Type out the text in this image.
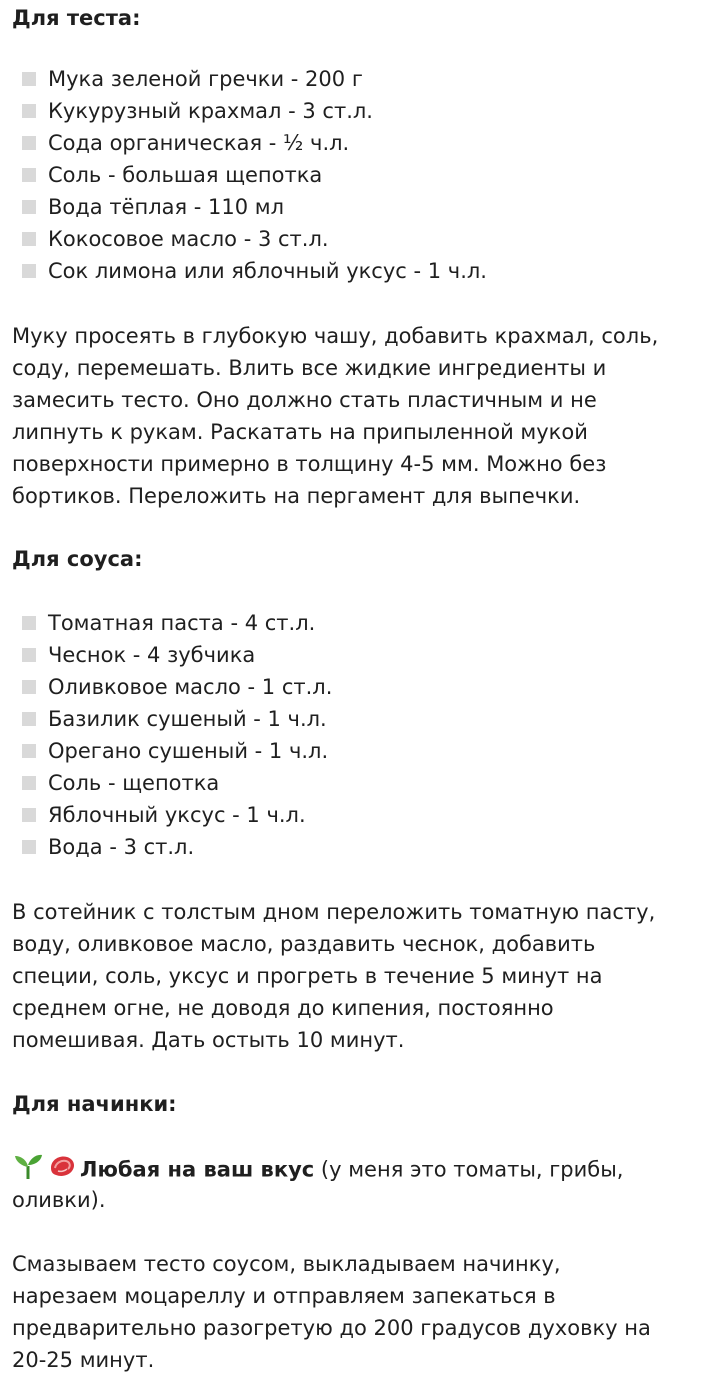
Для теста:
Мука зеленой гречки - 200 г
Кукурузный крахмал - 3 ст.л.
Сода органическая - ½ ч.л.
Соль - большая щепотка
Вода тёплая - 110 мл
Кокосовое масло - 3 ст.л.
Сок лимона или яблочный уксус - 1 ч.л.

Муку просеять в глубокую чашу, добавить крахмал, соль,
соду, перемешать. Влить все жидкие ингредиенты и
замесить тесто. Оно должно стать пластичным и не
липнуть к рукам. Раскатать на припыленной мукой
поверхности примерно в толщину 4-5 мм. Можно без
бортиков. Переложить на пергамент для выпечки.

Для соуса:
Томатная паста - 4 ст.л.
Чеснок - 4 зубчика
Оливковое масло - 1 ст.л.
Базилик сушеный - 1 ч.л.
Орегано сушеный - 1 ч.л.
Соль - щепотка
Яблочный уксус - 1 ч.л.
Вода - 3 ст.л.

В сотейник с толстым дном переложить томатную пасту,
воду, оливковое масло, раздавить чеснок, добавить
специи, соль, уксус и прогреть в течение 5 минут на
среднем огне, не доводя до кипения, постоянно
помешивая. Дать остыть 10 минут.

Для начинки:

Любая на ваш вкус (у меня это томаты, грибы,
оливки).

Смазываем тесто соусом, выкладываем начинку,
нарезаем моцареллу и отправляем запекаться в
предварительно разогретую до 200 градусов духовку на
20-25 минут.
